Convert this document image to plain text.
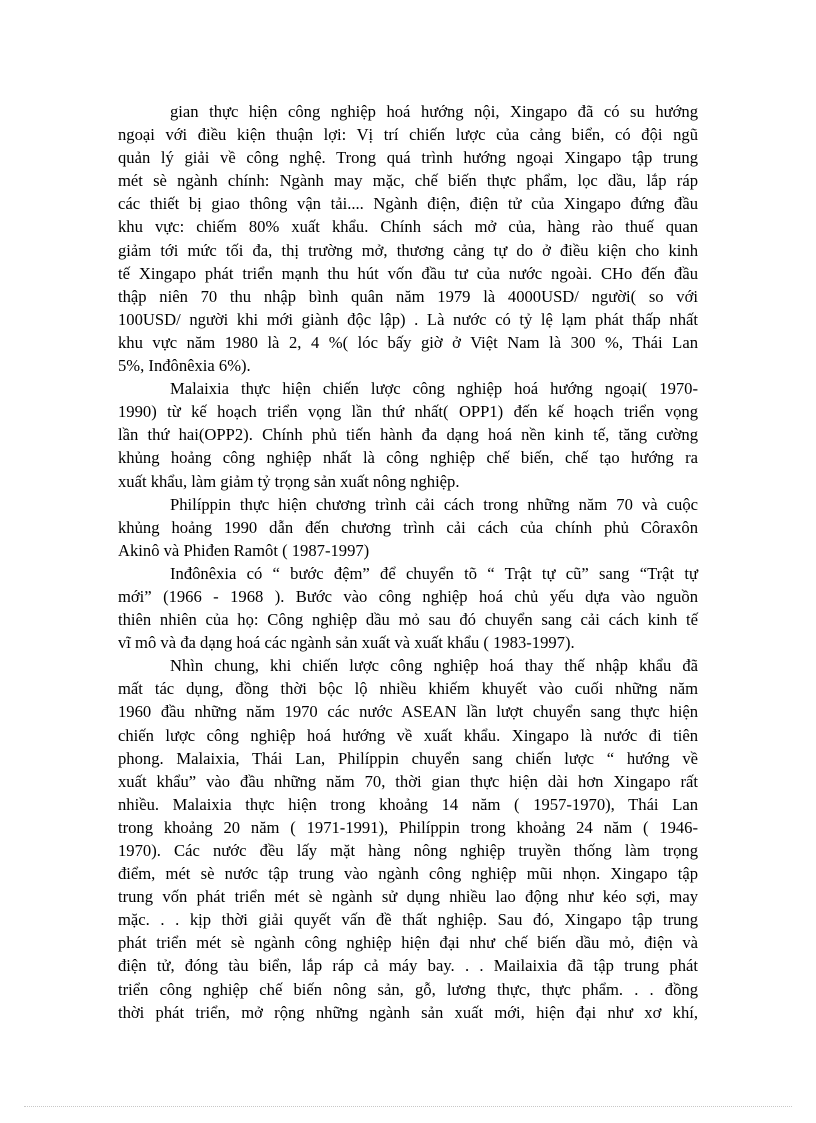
gian thực hiện công nghiệp hoá hướng nội, Xingapo đã có su hướng
ngoại với điều kiện thuận lợi: Vị trí chiến lược của cảng biển, có đội ngũ
quản lý giải về công nghệ. Trong quá trình hướng ngoại Xingapo tập trung
mét sè ngành chính: Ngành may mặc, chế biến thực phẩm, lọc dầu, lắp ráp
các thiết bị giao thông vận tải.... Ngành điện, điện tử của Xingapo đứng đầu
khu vực: chiếm 80% xuất khẩu. Chính sách mở của, hàng rào thuế quan
giảm tới mức tối đa, thị trường mở, thương cảng tự do ở điều kiện cho kinh
tế Xingapo phát triển mạnh thu hút vốn đầu tư của nước ngoài. CHo đến đầu
thập niên 70 thu nhập bình quân năm 1979 là 4000USD/ người( so với
100USD/ người khi mới giành độc lập) . Là nước có tỷ lệ lạm phát thấp nhất
khu vực năm 1980 là 2, 4 %( lóc bấy giờ ở Việt Nam là 300 %, Thái Lan
5%, Inđônêxia 6%).
Malaixia thực hiện chiến lược công nghiệp hoá hướng ngoại( 1970-
1990) từ kế hoạch triển vọng lần thứ nhất( OPP1) đến kế hoạch triển vọng
lần thứ hai(OPP2). Chính phủ tiến hành đa dạng hoá nền kinh tế, tăng cường
khủng hoảng công nghiệp nhất là công nghiệp chế biến, chế tạo hướng ra
xuất khẩu, làm giảm tỷ trọng sản xuất nông nghiệp.
Philíppin thực hiện chương trình cải cách trong những năm 70 và cuộc
khủng hoảng 1990 dẫn đến chương trình cải cách của chính phủ Côraxôn
Akinô và Phiđen Ramôt ( 1987-1997)
Inđônêxia có “ bước đệm” để chuyển tõ “ Trật tự cũ” sang “Trật tự
mới” (1966 - 1968 ). Bước vào công nghiệp hoá chủ yếu dựa vào nguồn
thiên nhiên của họ: Công nghiệp dầu mỏ sau đó chuyển sang cải cách kinh tế
vĩ mô và đa dạng hoá các ngành sản xuất và xuất khẩu ( 1983-1997).
Nhìn chung, khi chiến lược công nghiệp hoá thay thế nhập khẩu đã
mất tác dụng, đồng thời bộc lộ nhiều khiếm khuyết vào cuối những năm
1960 đầu những năm 1970 các nước ASEAN lần lượt chuyển sang thực hiện
chiến lược công nghiệp hoá hướng về xuất khẩu. Xingapo là nước đi tiên
phong. Malaixia, Thái Lan, Philíppin chuyển sang chiến lược “ hướng về
xuất khẩu” vào đầu những năm 70, thời gian thực hiện dài hơn Xingapo rất
nhiều. Malaixia thực hiện trong khoảng 14 năm ( 1957-1970), Thái Lan
trong khoảng 20 năm ( 1971-1991), Philíppin trong khoảng 24 năm ( 1946-
1970). Các nước đều lấy mặt hàng nông nghiệp truyền thống làm trọng
điểm, mét sè nước tập trung vào ngành công nghiệp mũi nhọn. Xingapo tập
trung vốn phát triển mét sè ngành sử dụng nhiều lao động như kéo sợi, may
mặc. . . kịp thời giải quyết vấn đề thất nghiệp. Sau đó, Xingapo tập trung
phát triển mét sè ngành công nghiệp hiện đại như chế biến dầu mỏ, điện và
điện tử, đóng tàu biển, lắp ráp cả máy bay. . . Mailaixia đã tập trung phát
triển công nghiệp chế biến nông sản, gỗ, lương thực, thực phẩm. . . đồng
thời phát triển, mở rộng những ngành sản xuất mới, hiện đại như xơ khí,
